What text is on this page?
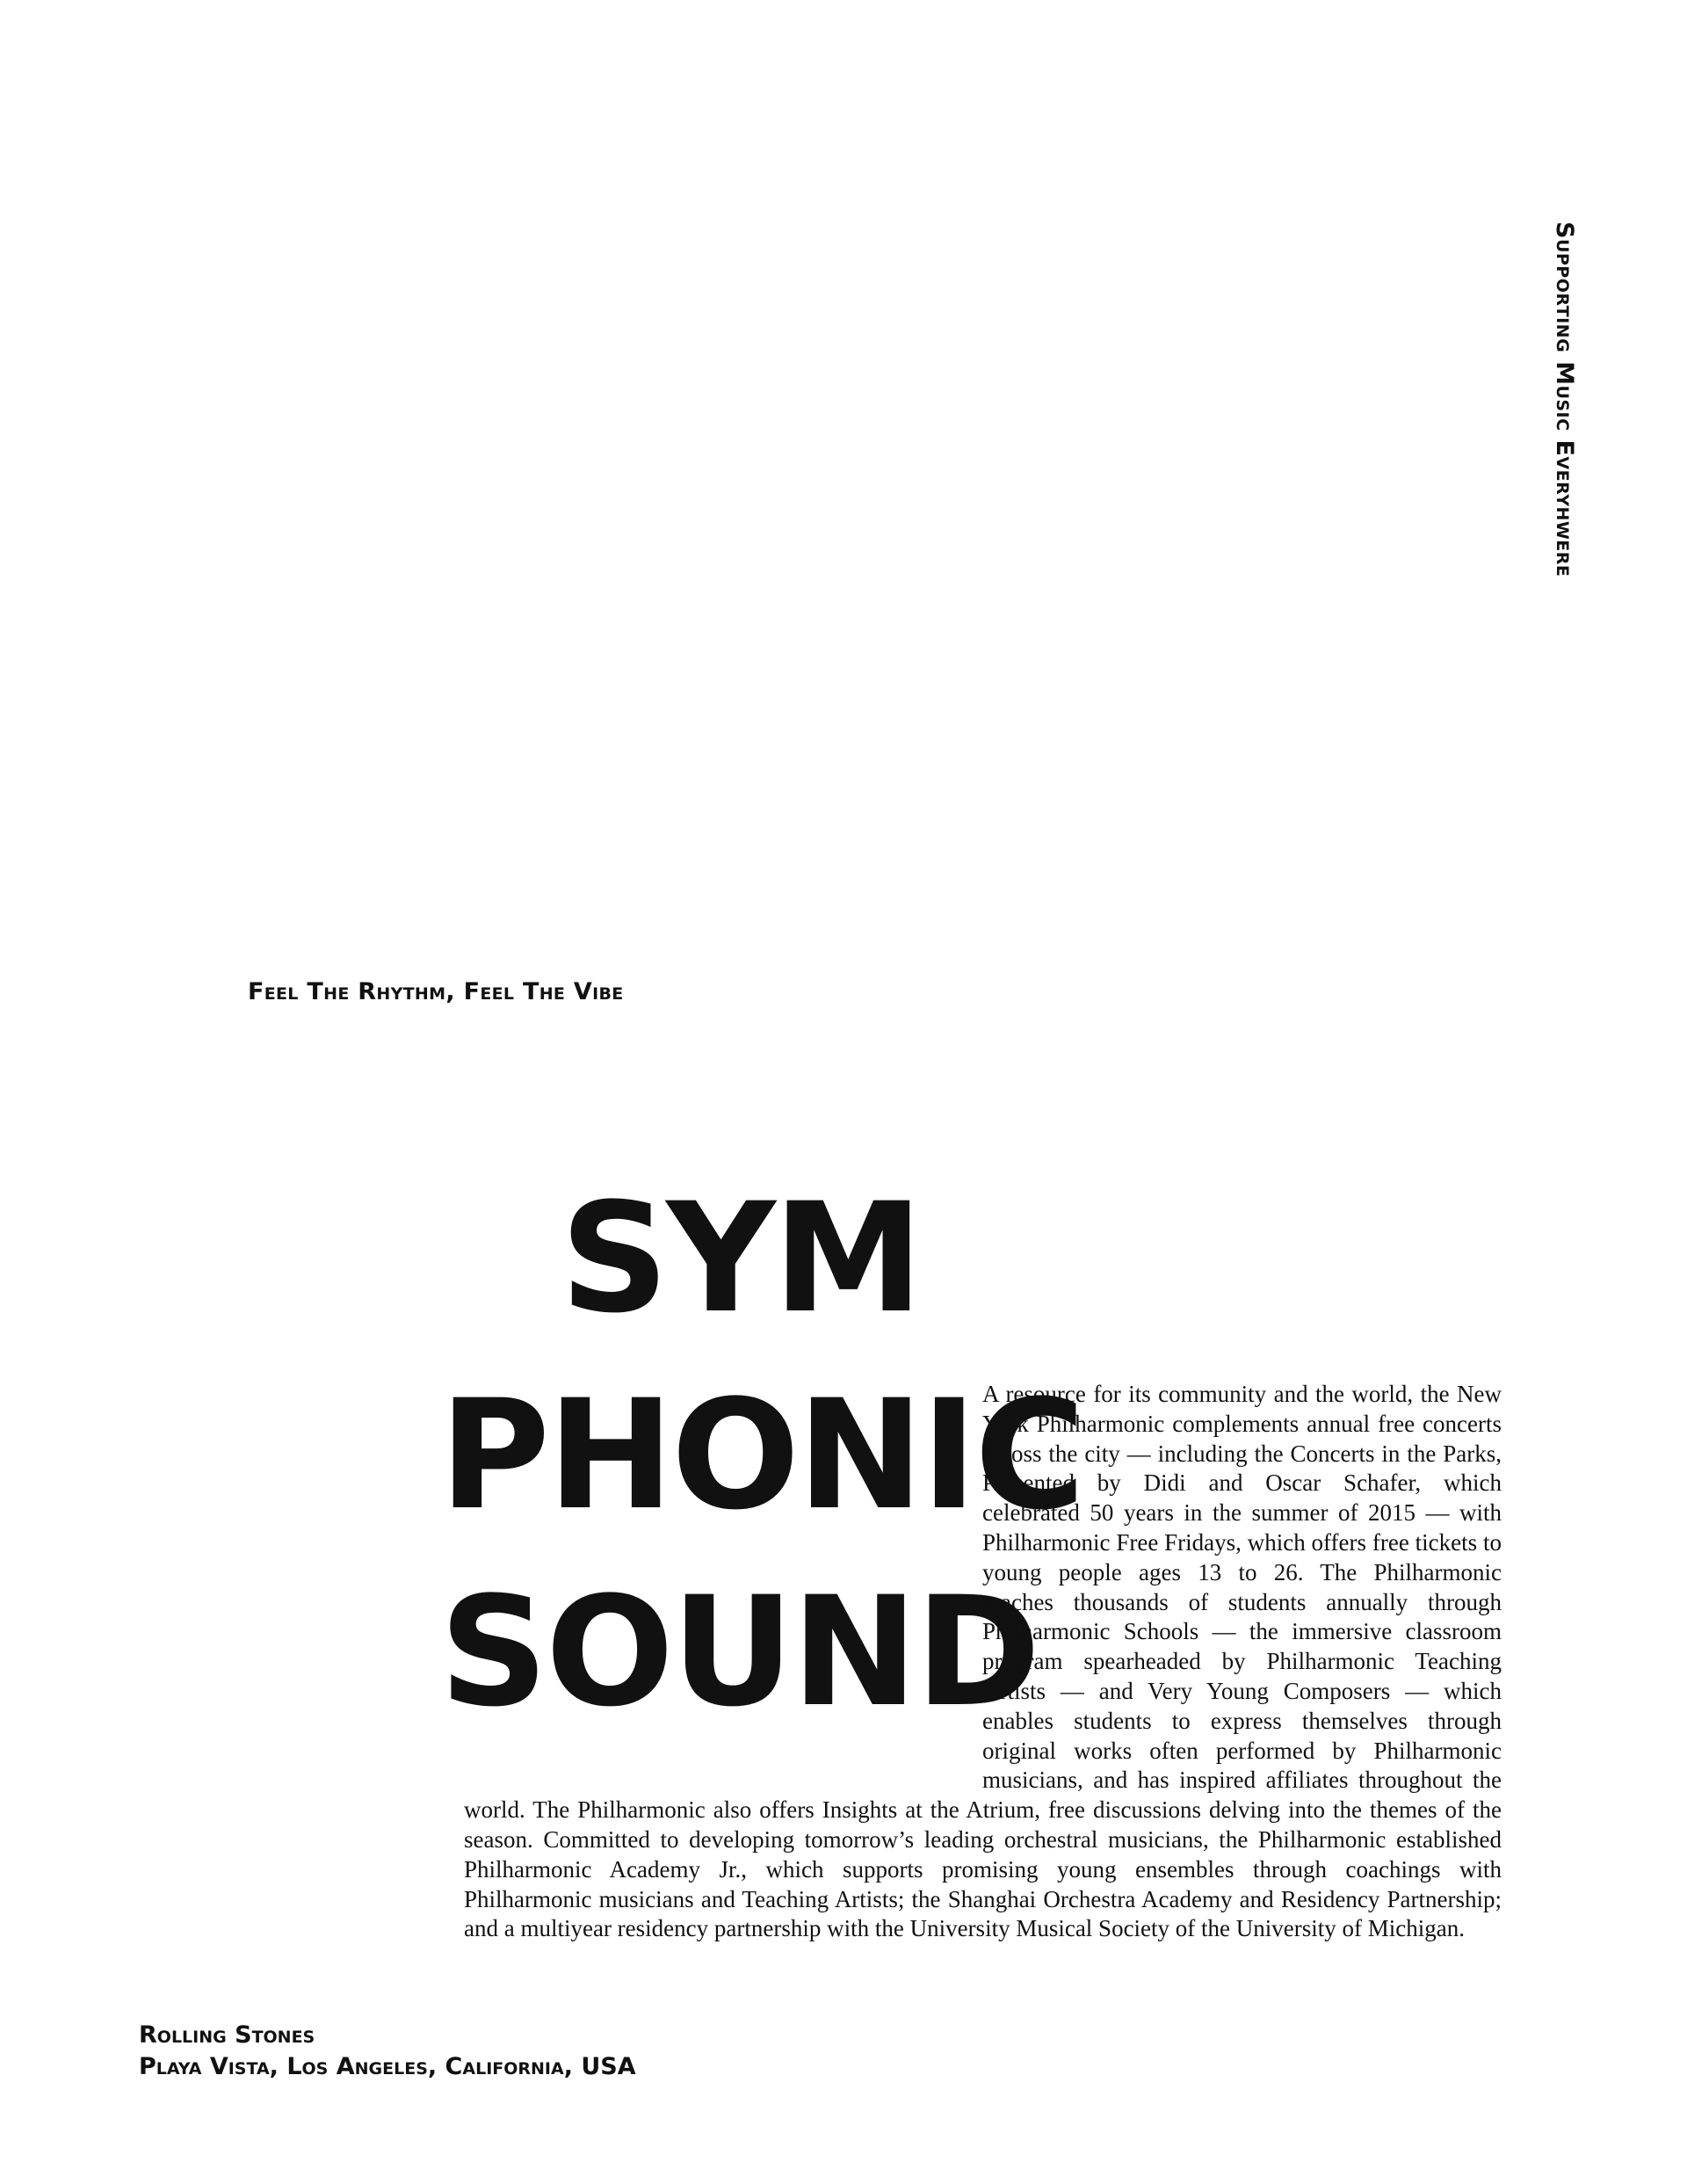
Supporting Music Everyhwere
Feel The Rhythm, Feel The Vibe
SYM
PHONIC
SOUND
A resource for its community and the world, the New York Philharmonic complements annual free concerts across the city — including the Concerts in the Parks, Presented by Didi and Oscar Schafer, which celebrated 50 years in the summer of 2015 — with Philharmonic Free Fridays, which offers free tickets to young people ages 13 to 26. The Philharmonic reaches thousands of students annually through Philharmonic Schools — the immersive classroom program spearheaded by Philharmonic Teaching Artists — and Very Young Composers — which enables students to express themselves through original works often performed by Philharmonic musicians, and has inspired affiliates throughout the world. The Philharmonic also offers Insights at the Atrium, free discussions delving into the themes of the season. Committed to developing tomorrow’s leading orchestral musicians, the Philharmonic established Philharmonic Academy Jr., which supports promising young ensembles through coachings with Philharmonic musicians and Teaching Artists; the Shanghai Orchestra Academy and Residency Partnership; and a multiyear residency partnership with the University Musical Society of the University of Michigan.
Rolling Stones
Playa Vista, Los Angeles, California, USA
